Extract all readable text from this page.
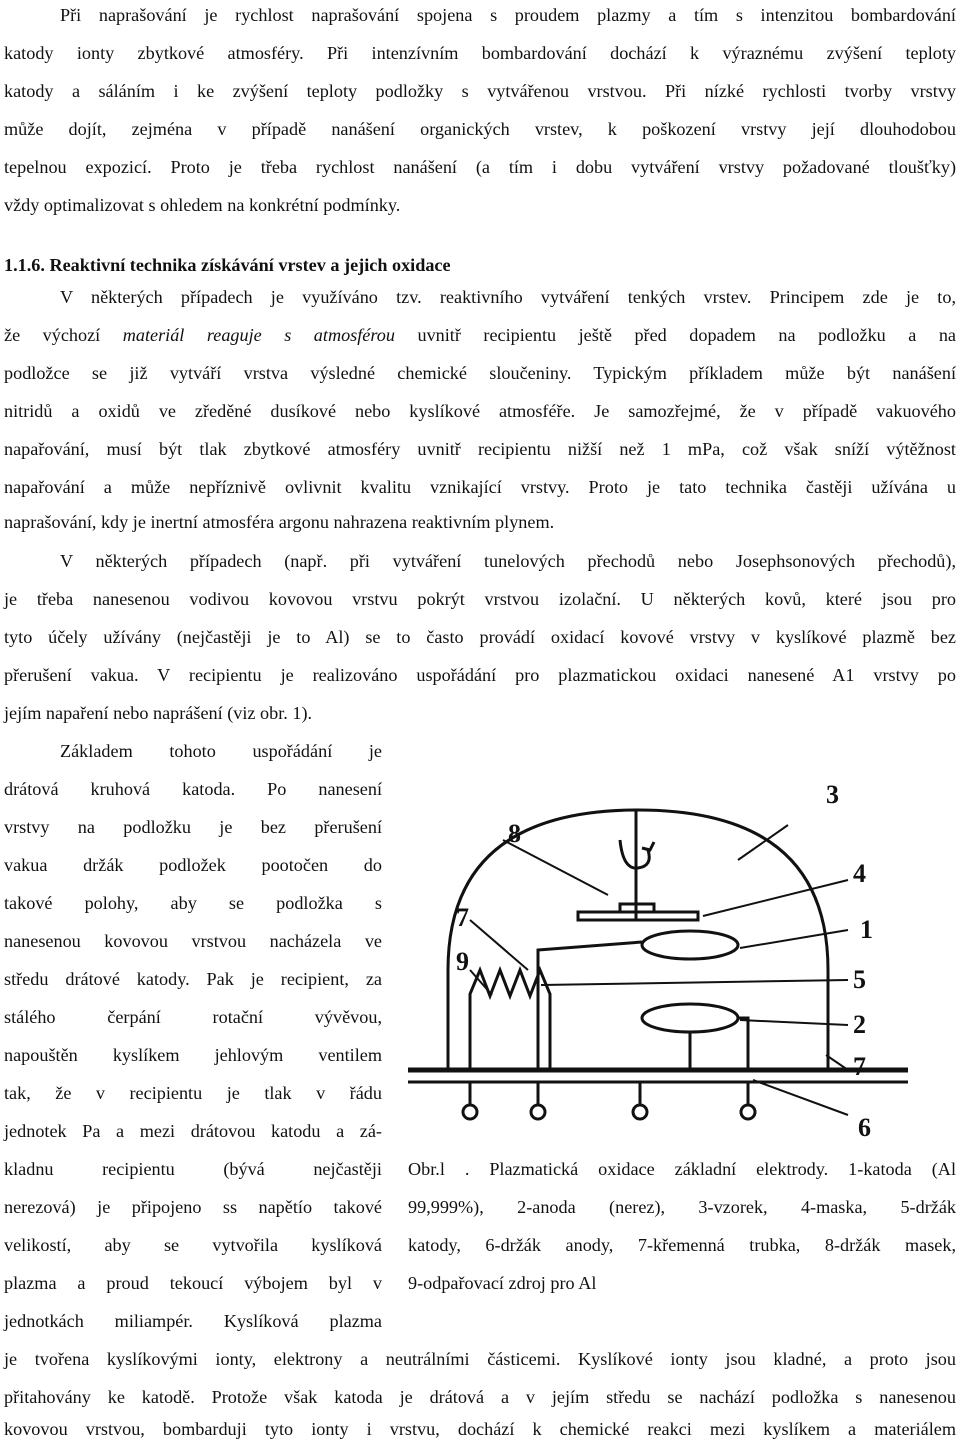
Při naprašování je rychlost naprašování spojena s proudem plazmy a tím s intenzitou bombardování
katody ionty zbytkové atmosféry. Při intenzívním bombardování dochází k výraznému zvýšení teploty
katody a sáláním i ke zvýšení teploty podložky s vytvářenou vrstvou. Při nízké rychlosti tvorby vrstvy
může dojít, zejména v případě nanášení organických vrstev, k poškození vrstvy její dlouhodobou
tepelnou expozicí. Proto je třeba rychlost nanášení (a tím i dobu vytváření vrstvy požadované tloušťky)
vždy optimalizovat s ohledem na konkrétní podmínky.
1.1.6. Reaktivní technika získávání vrstev a jejich oxidace
V některých případech je využíváno tzv. reaktivního vytváření tenkých vrstev. Principem zde je to,
že výchozí materiál reaguje s atmosférou uvnitř recipientu ještě před dopadem na podložku a na
podložce se již vytváří vrstva výsledné chemické sloučeniny. Typickým příkladem může být nanášení
nitridů a oxidů ve zředěné dusíkové nebo kyslíkové atmosféře. Je samozřejmé, že v případě vakuového
napařování, musí být tlak zbytkové atmosféry uvnitř recipientu nižší než 1 mPa, což však sníží výtěžnost
napařování a může nepříznivě ovlivnit kvalitu vznikající vrstvy. Proto je tato technika častěji užívána u
naprašování, kdy je inertní atmosféra argonu nahrazena reaktivním plynem.
V některých případech (např. při vytváření tunelových přechodů nebo Josephsonových přechodů),
je třeba nanesenou vodivou kovovou vrstvu pokrýt vrstvou izolační. U některých kovů, které jsou pro
tyto účely užívány (nejčastěji je to Al) se to často provádí oxidací kovové vrstvy v kyslíkové plazmě bez
přerušení vakua. V recipientu je realizováno uspořádání pro plazmatickou oxidaci nanesené A1 vrstvy po
jejím napaření nebo naprášení (viz obr. 1).
Základem tohoto uspořádání je
drátová kruhová katoda. Po nanesení
vrstvy na podložku je bez přerušení
vakua držák podložek pootočen do
takové polohy, aby se podložka s
nanesenou kovovou vrstvou nacházela ve
středu drátové katody. Pak je recipient, za
stálého čerpání rotační vývěvou,
napouštěn kyslíkem jehlovým ventilem
tak, že v recipientu je tlak v řádu
jednotek Pa a mezi drátovou katodu a zá-
kladnu recipientu (bývá nejčastěji
nerezová) je připojeno ss napětío takové
velikostí, aby se vytvořila kyslíková
plazma a proud tekoucí výbojem byl v
jednotkách miliampér. Kyslíková plazma
8
3
4
7	1
5
9
2
7
6
Obr.l . Plazmatická oxidace základní elektrody. 1-katoda (Al
99,999%), 2-anoda (nerez), 3-vzorek, 4-maska, 5-držák
katody, 6-držák anody, 7-křemenná trubka, 8-držák masek,
9-odpařovací zdroj pro Al
je tvořena kyslíkovými ionty, elektrony a neutrálními částicemi. Kyslíkové ionty jsou kladné, a proto jsou
přitahovány ke katodě. Protože však katoda je drátová a v jejím středu se nachází podložka s nanesenou
kovovou vrstvou, bombarduji tyto ionty i vrstvu, dochází k chemické reakci mezi kyslíkem a materiálem
